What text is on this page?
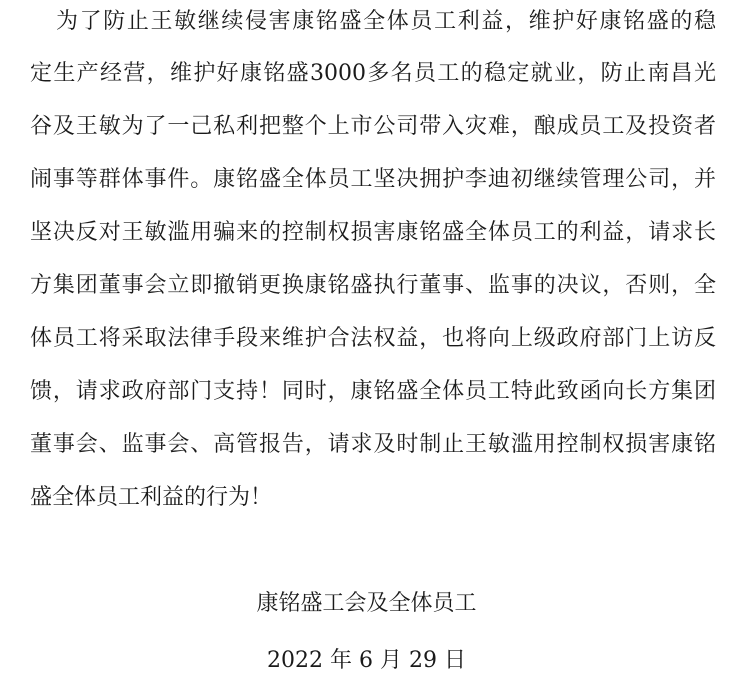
为了防止王敏继续侵害康铭盛全体员工利益，维护好康铭盛的稳
定生产经营，维护好康铭盛3000多名员工的稳定就业，防止南昌光
谷及王敏为了一己私利把整个上市公司带入灾难，酿成员工及投资者
闹事等群体事件。康铭盛全体员工坚决拥护李迪初继续管理公司，并
坚决反对王敏滥用骗来的控制权损害康铭盛全体员工的利益，请求长
方集团董事会立即撤销更换康铭盛执行董事、监事的决议，否则，全
体员工将采取法律手段来维护合法权益，也将向上级政府部门上访反
馈，请求政府部门支持！同时，康铭盛全体员工特此致函向长方集团
董事会、监事会、高管报告，请求及时制止王敏滥用控制权损害康铭
盛全体员工利益的行为！
康铭盛工会及全体员工
2022 年 6 月 29 日
